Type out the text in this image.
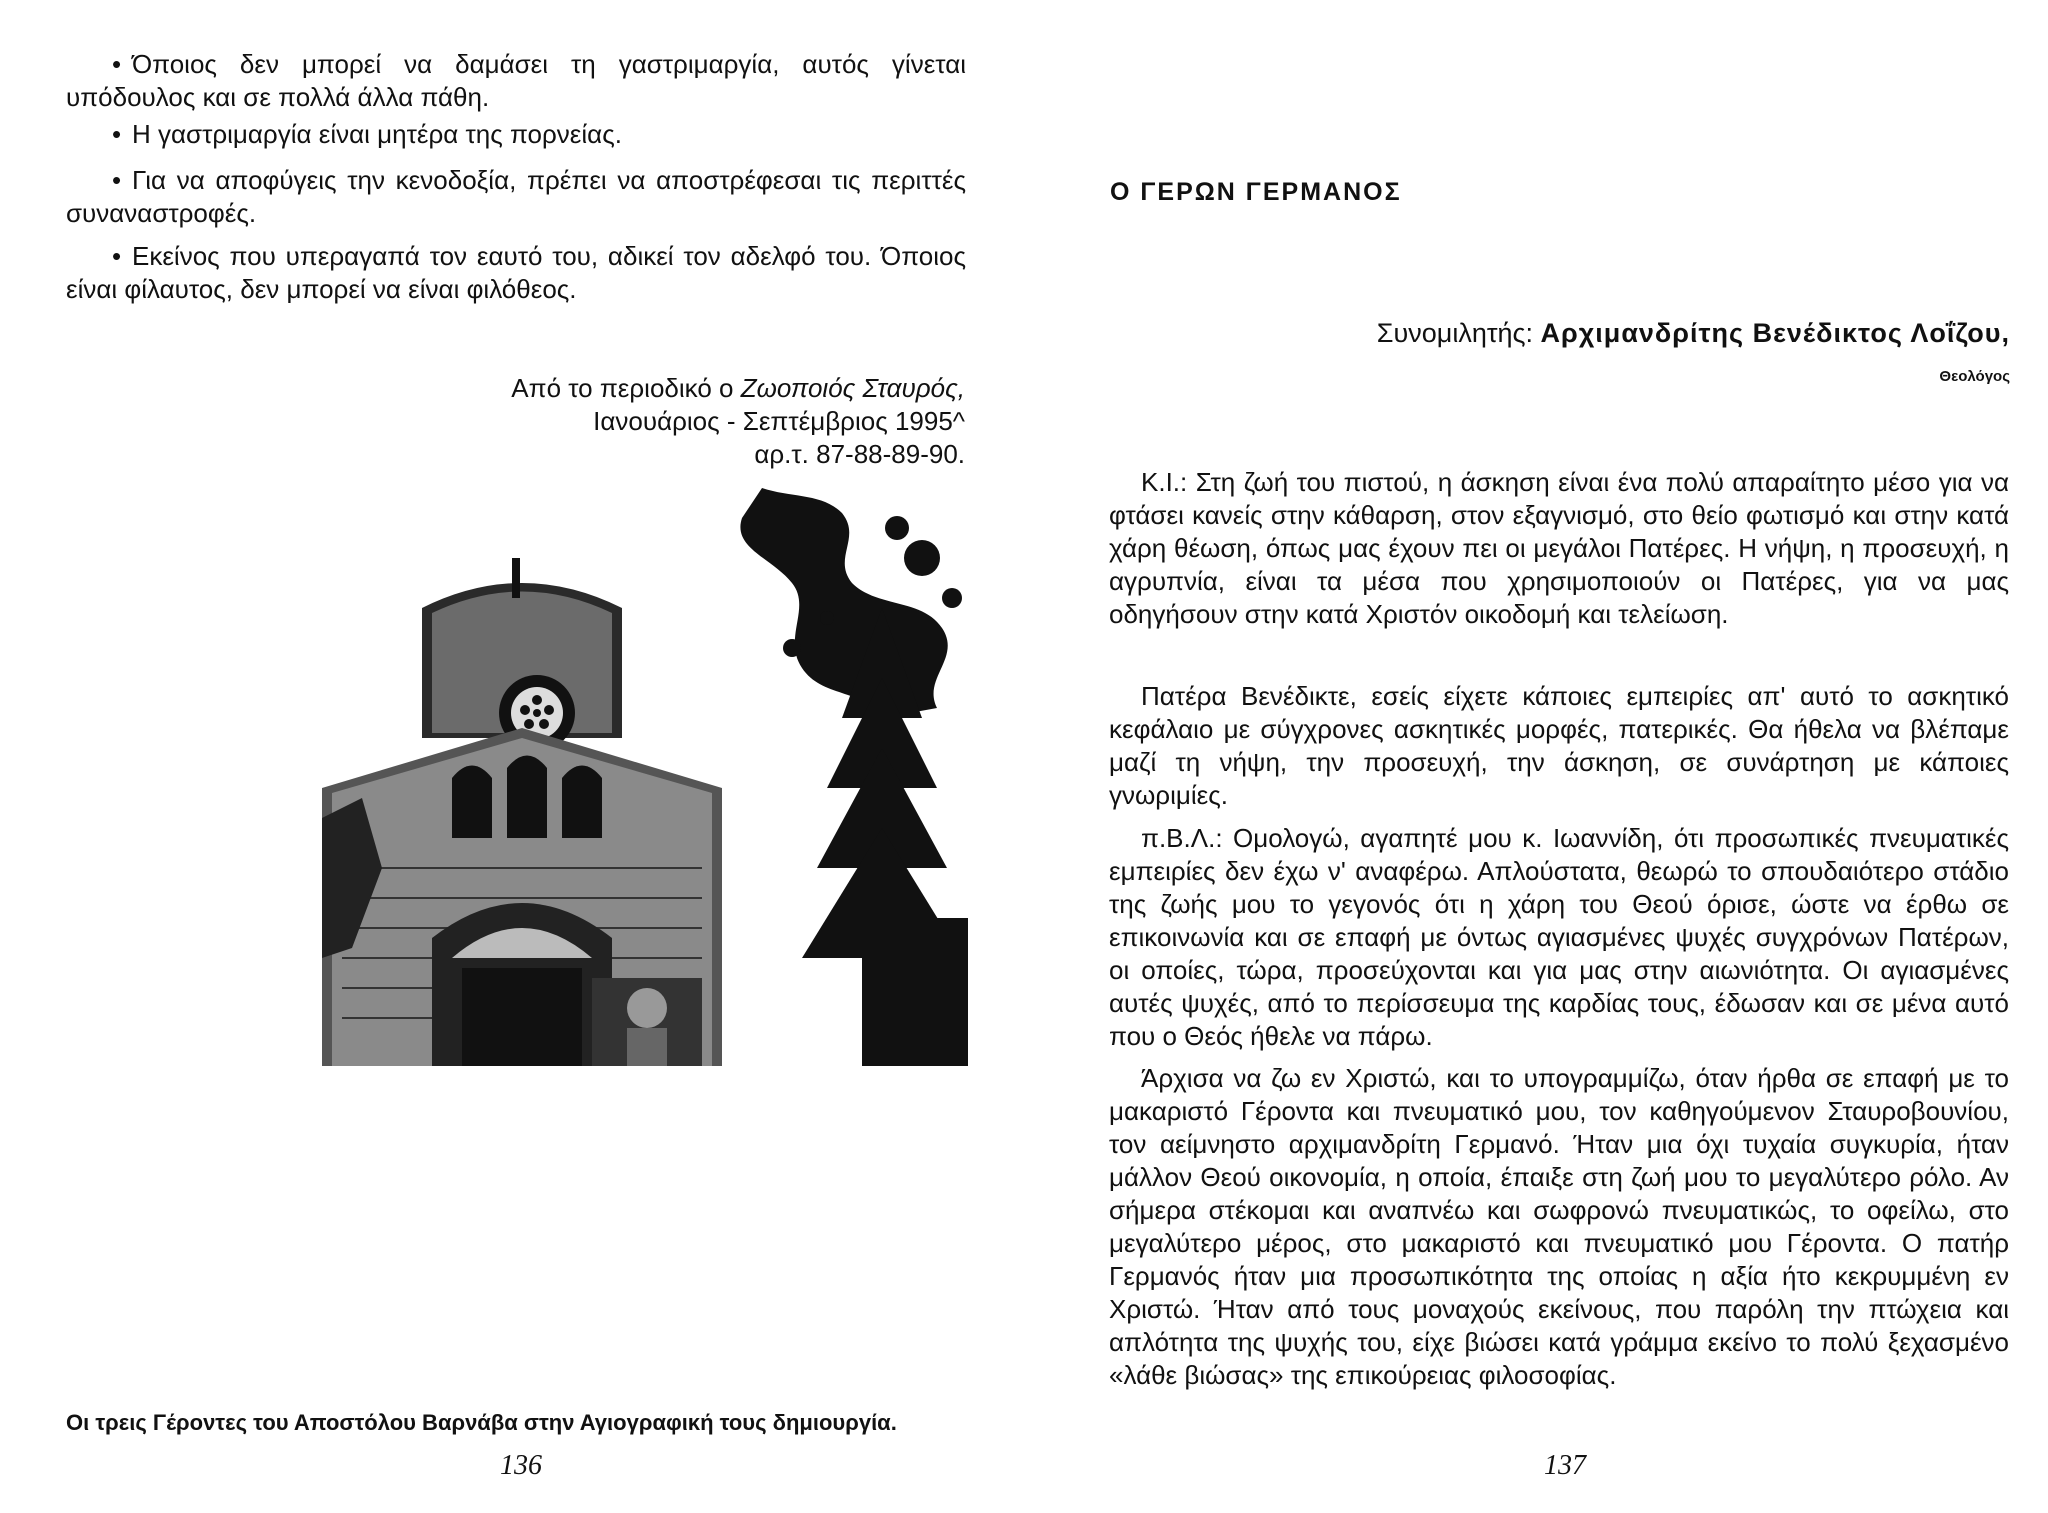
• Όποιος δεν μπορεί να δαμάσει τη γαστριμαργία, αυτός γίνεται υπόδουλος και σε πολλά άλλα πάθη.

• Η γαστριμαργία είναι μητέρα της πορνείας.

• Για να αποφύγεις την κενοδοξία, πρέπει να αποστρέφεσαι τις περιττές συναναστροφές.

• Εκείνος που υπεραγαπά τον εαυτό του, αδικεί τον αδελφό του. Όποιος είναι φίλαυτος, δεν μπορεί να είναι φιλόθεος.

Από το περιοδικό ο Ζωοποιός Σταυρός,
Ιανουάριος - Σεπτέμβριος 1995^
αρ.τ. 87-88-89-90.
Οι τρεις Γέροντες του Αποστόλου Βαρνάβα στην Αγιογραφική τους δημιουργία.
136
Ο ΓΕΡΩΝ ΓΕΡΜΑΝΟΣ
Συνομιλητής: Αρχιμανδρίτης Βενέδικτος Λοΐζου,
Θεολόγος

Κ.Ι.: Στη ζωή του πιστού, η άσκηση είναι ένα πολύ απαραίτητο μέσο για να φτάσει κανείς στην κάθαρση, στον εξαγνισμό, στο θείο φωτισμό και στην κατά χάρη θέωση, όπως μας έχουν πει οι μεγάλοι Πατέρες. Η νήψη, η προσευχή, η αγρυπνία, είναι τα μέσα που χρησιμοποιούν οι Πατέρες, για να μας οδηγήσουν στην κατά Χριστόν οικοδομή και τελείωση.

Πατέρα Βενέδικτε, εσείς είχετε κάποιες εμπειρίες απ' αυτό το ασκητικό κεφάλαιο με σύγχρονες ασκητικές μορφές, πατερικές. Θα ήθελα να βλέπαμε μαζί τη νήψη, την προσευχή, την άσκηση, σε συνάρτηση με κάποιες γνωριμίες.

π.Β.Λ.: Ομολογώ, αγαπητέ μου κ. Ιωαννίδη, ότι προσωπικές πνευματικές εμπειρίες δεν έχω ν' αναφέρω. Απλούστατα, θεωρώ το σπουδαιότερο στάδιο της ζωής μου το γεγονός ότι η χάρη του Θεού όρισε, ώστε να έρθω σε επικοινωνία και σε επαφή με όντως αγιασμένες ψυχές συγχρόνων Πατέρων, οι οποίες, τώρα, προσεύχονται και για μας στην αιωνιότητα. Οι αγιασμένες αυτές ψυχές, από το περίσσευμα της καρδίας τους, έδωσαν και σε μένα αυτό που ο Θεός ήθελε να πάρω.

Άρχισα να ζω εν Χριστώ, και το υπογραμμίζω, όταν ήρθα σε επαφή με το μακαριστό Γέροντα και πνευματικό μου, τον καθηγούμενον Σταυροβουνίου, τον αείμνηστο αρχιμανδρίτη Γερμανό. Ήταν μια όχι τυχαία συγκυρία, ήταν μάλλον Θεού οικονομία, η οποία, έπαιξε στη ζωή μου το μεγαλύτερο ρόλο. Αν σήμερα στέκομαι και αναπνέω και σωφρονώ πνευματικώς, το οφείλω, στο μεγαλύτερο μέρος, στο μακαριστό και πνευματικό μου Γέροντα. Ο πατήρ Γερμανός ήταν μια προσωπικότητα της οποίας η αξία ήτο κεκρυμμένη εν Χριστώ. Ήταν από τους μοναχούς εκείνους, που παρόλη την πτώχεια και απλότητα της ψυχής του, είχε βιώσει κατά γράμμα εκείνο το πολύ ξεχασμένο «λάθε βιώσας» της επικούρειας φιλοσοφίας.

137
